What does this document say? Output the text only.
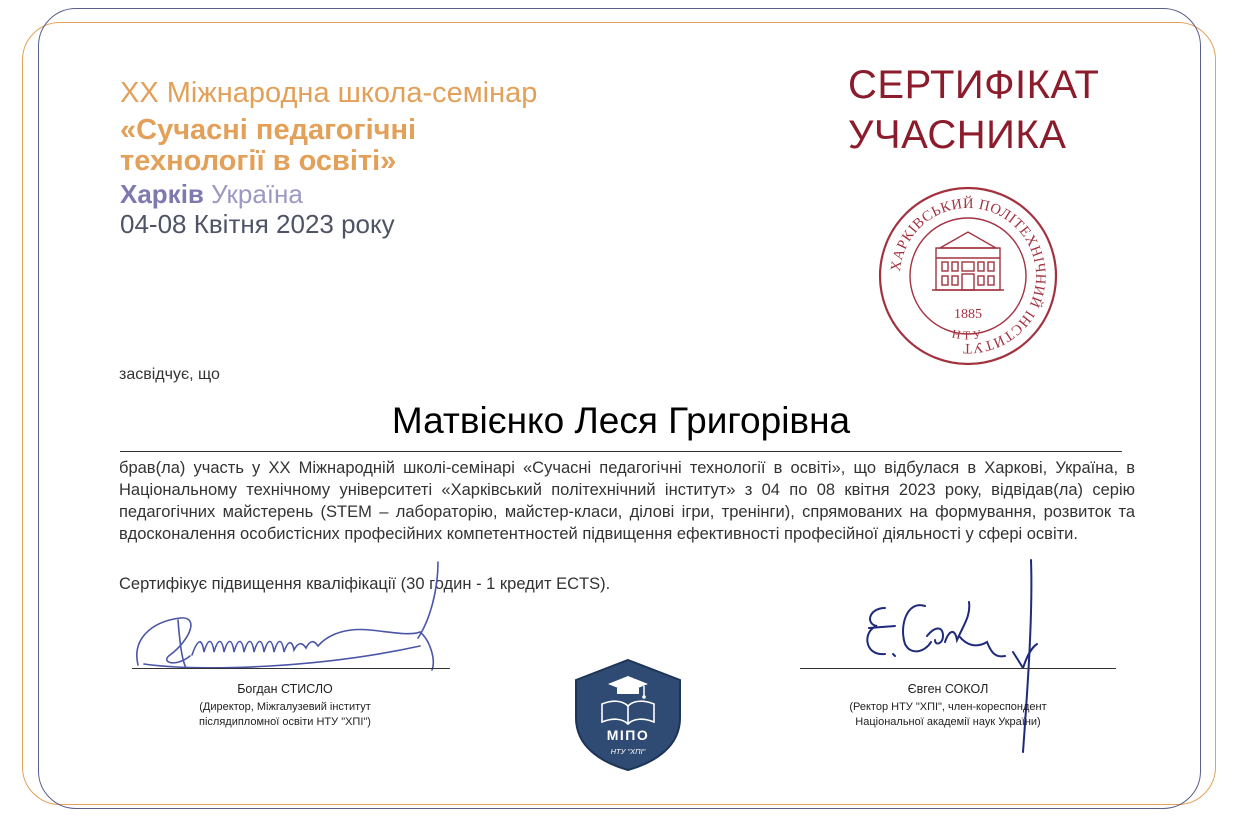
XX Міжнародна школа-семінар
«Сучасні педагогічні технології в освіті»
Харків Україна
04-08 Квітня 2023 року
СЕРТИФІКАТ
УЧАСНИКА
ХАРКІВСЬКИЙ ПОЛІТЕХНІЧНИЙ ІНСТИТУТ
НТУ
1885
засвідчує, що
Матвієнко Леся Григорівна
брав(ла) участь у XX Міжнародній школі-семінарі «Сучасні педагогічні технології в освіті», що відбулася в Харкові, Україна, в Національному технічному університеті «Харківський політехнічний інститут» з 04 по 08 квітня 2023 року, відвідав(ла) серію педагогічних майстерень (STEM – лабораторію, майстер-класи, ділові ігри, тренінги), спрямованих на формування, розвиток та вдосконалення особистісних професійних компетентностей підвищення ефективності професійної діяльності у сфері освіти.
Сертифікує підвищення кваліфікації (30 годин - 1 кредит ECTS).
Богдан СТИСЛО
(Директор, Міжгалузевий інститут
післядипломної освіти НТУ "ХПІ")
Євген СОКОЛ
(Ректор НТУ "ХПІ", член-кореспондент
Національної академії наук України)
МІПО
НТУ "ХПІ"
